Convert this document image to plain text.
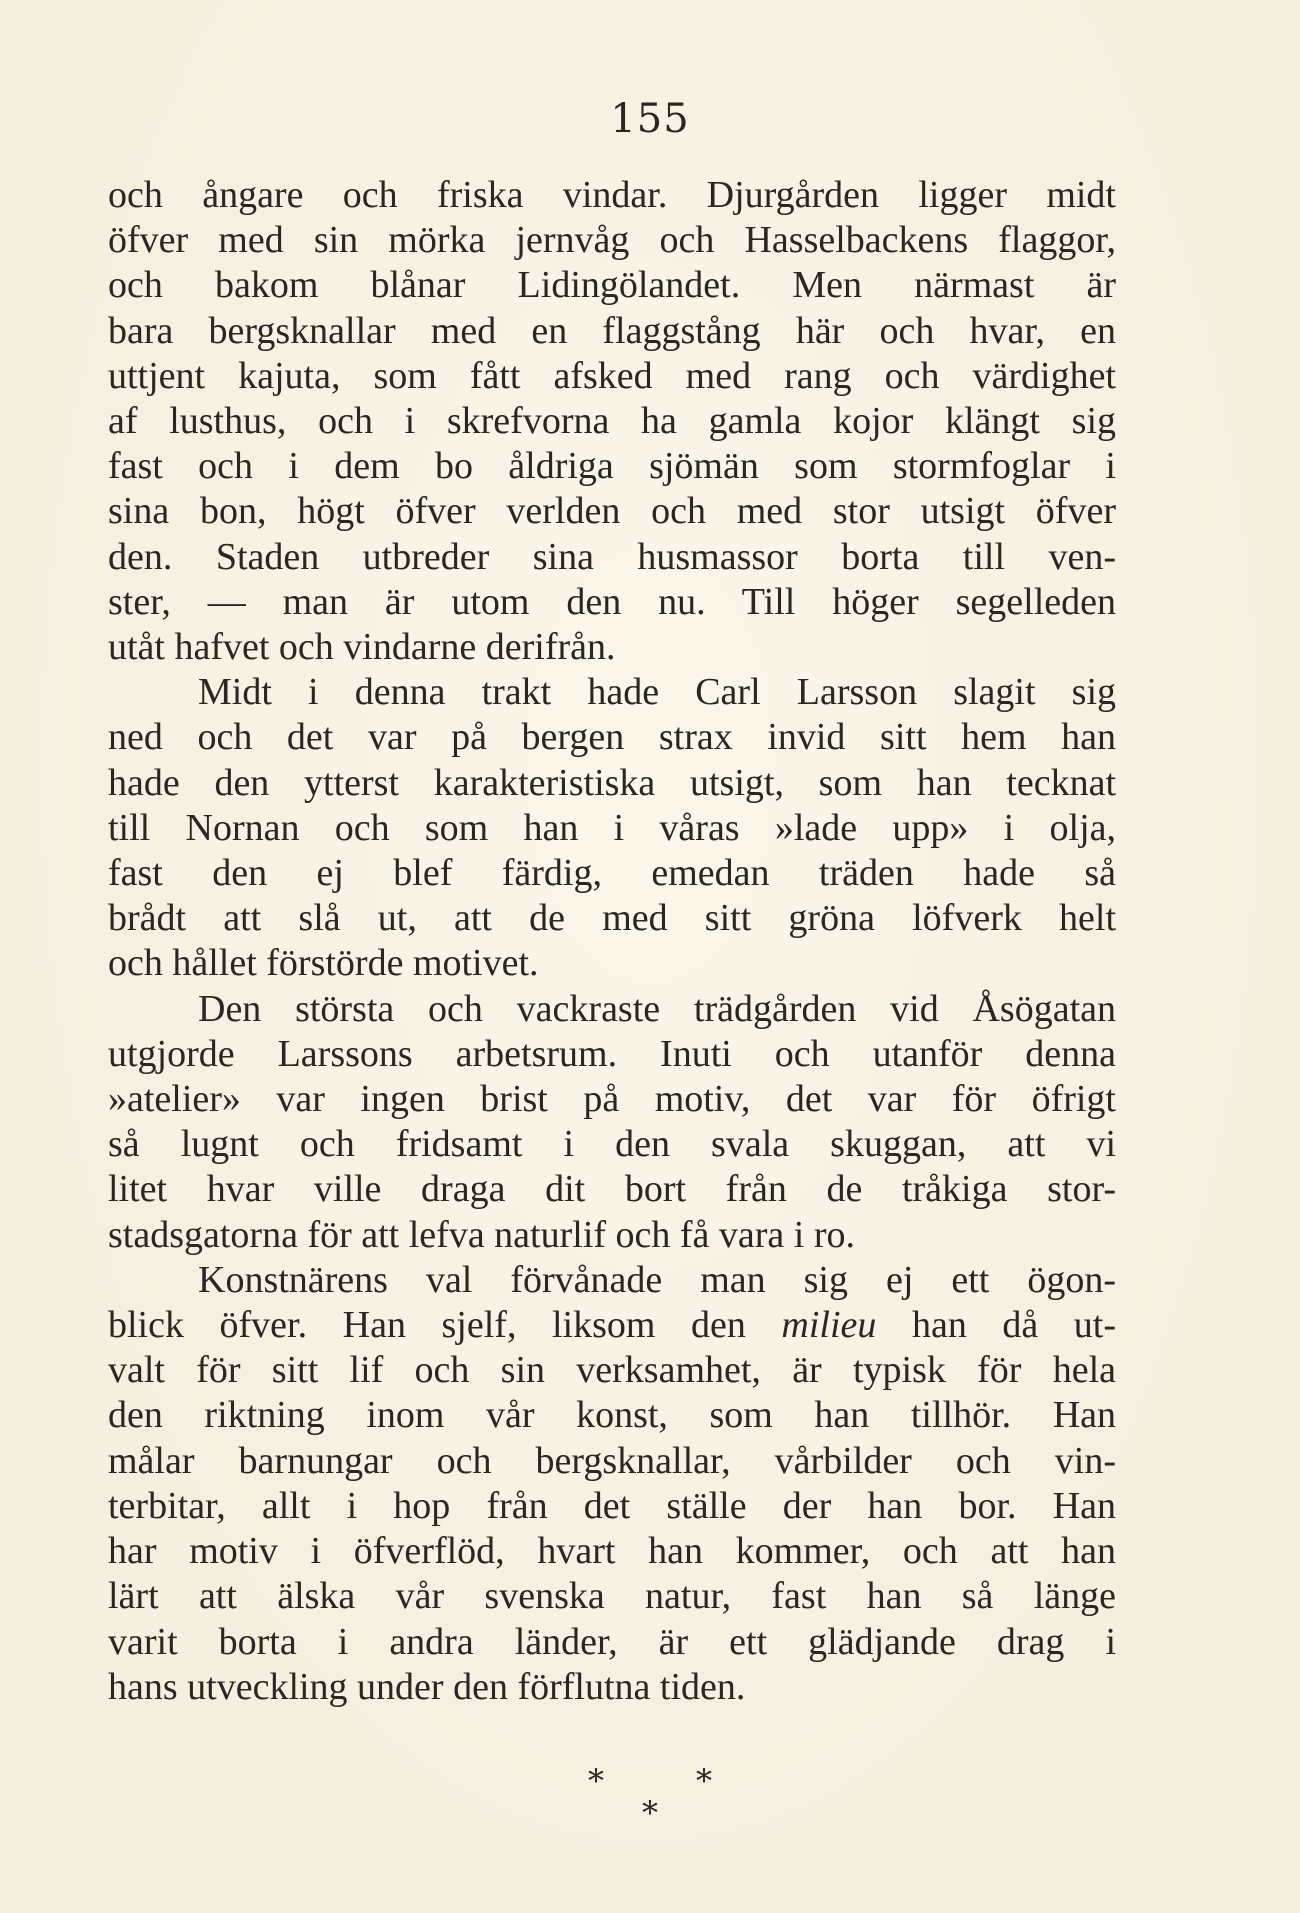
155
och ångare och friska vindar. Djurgården ligger midt
öfver med sin mörka jernvåg och Hasselbackens flaggor,
och bakom blånar Lidingölandet. Men närmast är
bara bergsknallar med en flaggstång här och hvar, en
uttjent kajuta, som fått afsked med rang och värdighet
af lusthus, och i skrefvorna ha gamla kojor klängt sig
fast och i dem bo åldriga sjömän som stormfoglar i
sina bon, högt öfver verlden och med stor utsigt öfver
den. Staden utbreder sina husmassor borta till ven-
ster, — man är utom den nu. Till höger segelleden
utåt hafvet och vindarne derifrån.
Midt i denna trakt hade Carl Larsson slagit sig
ned och det var på bergen strax invid sitt hem han
hade den ytterst karakteristiska utsigt, som han tecknat
till Nornan och som han i våras »lade upp» i olja,
fast den ej blef färdig, emedan träden hade så
brådt att slå ut, att de med sitt gröna löfverk helt
och hållet förstörde motivet.
Den största och vackraste trädgården vid Åsögatan
utgjorde Larssons arbetsrum. Inuti och utanför denna
»atelier» var ingen brist på motiv, det var för öfrigt
så lugnt och fridsamt i den svala skuggan, att vi
litet hvar ville draga dit bort från de tråkiga stor-
stadsgatorna för att lefva naturlif och få vara i ro.
Konstnärens val förvånade man sig ej ett ögon-
blick öfver. Han sjelf, liksom den milieu han då ut-
valt för sitt lif och sin verksamhet, är typisk för hela
den riktning inom vår konst, som han tillhör. Han
målar barnungar och bergsknallar, vårbilder och vin-
terbitar, allt i hop från det ställe der han bor. Han
har motiv i öfverflöd, hvart han kommer, och att han
lärt att älska vår svenska natur, fast han så länge
varit borta i andra länder, är ett glädjande drag i
hans utveckling under den förflutna tiden.
*	*
*
